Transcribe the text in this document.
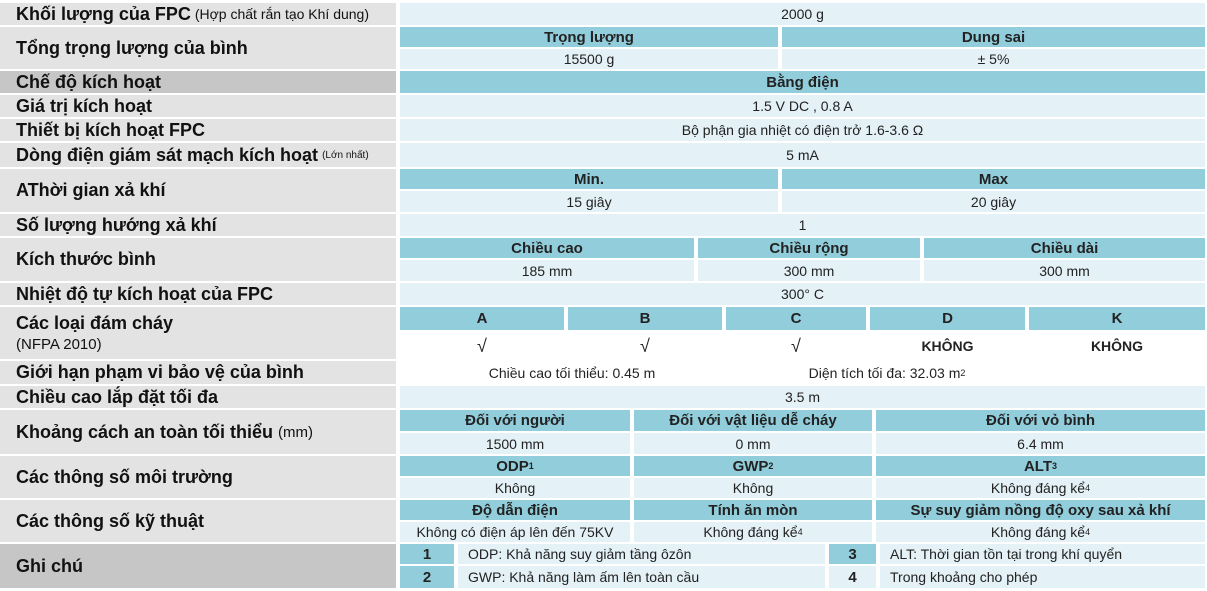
Khối lượng của FPC (Hợp chất rắn tạo Khí dung)	2000 g
Tổng trọng lượng của bình
Trọng lượng	Dung sai
15500 g	± 5%
Chế độ kích hoạt	Bằng điện
Giá trị kích hoạt	1.5 V DC , 0.8 A
Thiết bị kích hoạt FPC	Bộ phận gia nhiệt có điện trở 1.6-3.6 Ω
Dòng điện giám sát mạch kích hoạt (Lớn nhất)	5 mA
AThời gian xả khí
Min.	Max
15 giây	20 giây
Số lượng hướng xả khí	1
Kích thước bình
Chiều cao	Chiều rộng	Chiều dài
185 mm	300 mm	300 mm
Nhiệt độ tự kích hoạt của FPC	300° C
Các loại đám cháy
(NFPA 2010)
A	B	C	D	K
√	√	√	KHÔNG	KHÔNG
Giới hạn phạm vi bảo vệ của bình	Chiều cao tối thiểu: 0.45 m	Diện tích tối đa: 32.03 m 2
Chiều cao lắp đặt tối đa	3.5 m
Khoảng cách an toàn tối thiểu (mm)
Đối với người	Đối với vật liệu dễ cháy	Đối với vỏ bình
1500 mm	0 mm	6.4 mm
Các thông số môi trường
ODP 1	GWP 2	ALT 3
Không	Không	Không đáng kể 4
Các thông số kỹ thuật
Độ dẫn điện	Tính ăn mòn	Sự suy giảm nồng độ oxy sau xả khí
Không có điện áp lên đến 75KV	Không đáng kể 4	Không đáng kể 4
Ghi chú
1	ODP: Khả năng suy giảm tầng ôzôn	3	ALT: Thời gian tồn tại trong khí quyển
2	GWP: Khả năng làm ấm lên toàn cầu	4	Trong khoảng cho phép
